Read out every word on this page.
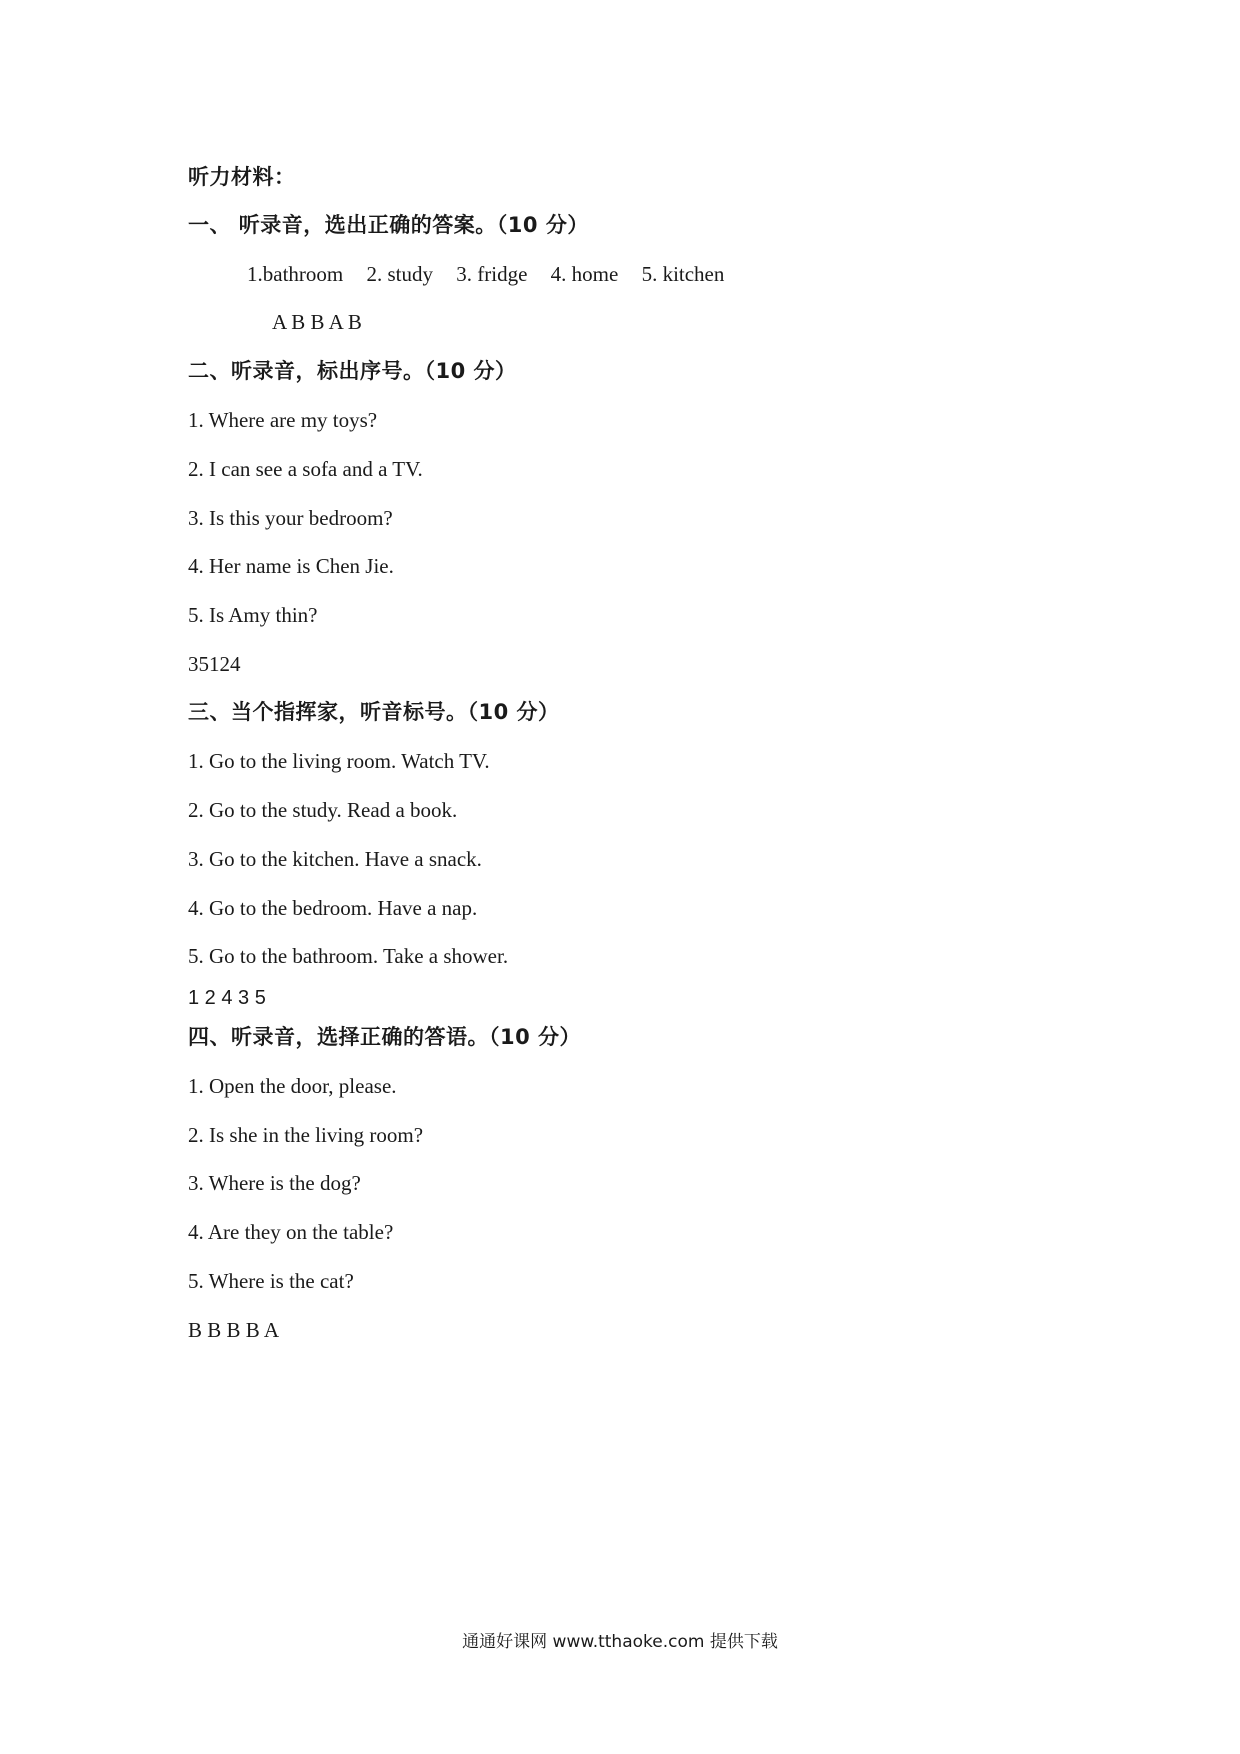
听力材料：
一、 听录音，选出正确的答案。（10 分）
1.bathroom 2. study 3. fridge 4. home 5. kitchen
A B B A B
二、听录音，标出序号。（10 分）
1. Where are my toys?
2. I can see a sofa and a TV.
3. Is this your bedroom?
4. Her name is Chen Jie.
5. Is Amy thin?
35124
三、当个指挥家，听音标号。（10 分）
1. Go to the living room. Watch TV.
2. Go to the study. Read a book.
3. Go to the kitchen. Have a snack.
4. Go to the bedroom. Have a nap.
5. Go to the bathroom. Take a shower.
1 2 4 3 5
四、听录音，选择正确的答语。（10 分）
1. Open the door, please.
2. Is she in the living room?
3. Where is the dog?
4. Are they on the table?
5. Where is the cat?
B B B B A
通通好课网 www.tthaoke.com 提供下载
